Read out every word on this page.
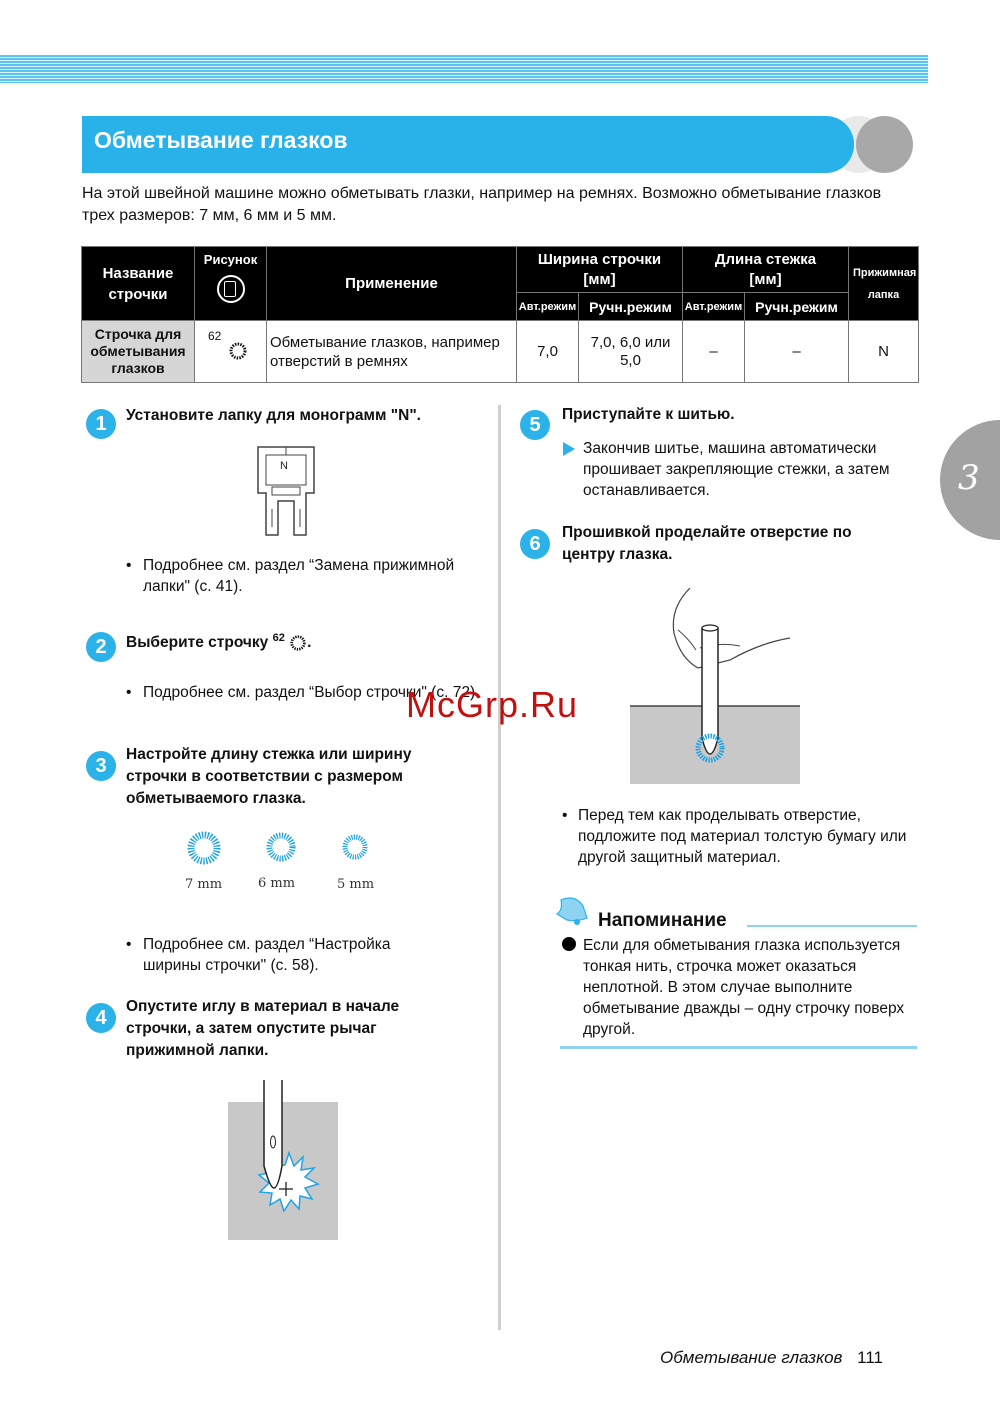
Обметывание глазков
На этой швейной машине можно обметывать глазки, например на ремнях. Возможно обметывание глазков трех размеров: 7 мм, 6 мм и 5 мм.
Название строчки	Рисунок	Применение	Ширина строчки [мм]		Длина стежка [мм]		Прижимная лапка
			Авт.режим	Ручн.режим	Авт.режим	Ручн.режим	
Строчка для обметывания глазков	62	Обметывание глазков, например отверстий в ремнях	7,0	7,0, 6,0 или 5,0	–	–	N
1	Установите лапку для монограмм "N".
N
• Подробнее см. раздел “Замена прижимной лапки" (с. 41).
2	Выберите строчку $^{62}$ .
• Подробнее см. раздел “Выбор строчки" (с. 72).
3
Настройте длину стежка или ширину строчки в соответствии с размером обметываемого глазка.
7 mm	6 mm	5 mm
• Подробнее см. раздел “Настройка ширины строчки" (с. 58).
4
Опустите иглу в материал в начале строчки, а затем опустите рычаг прижимной лапки.
5	Приступайте к шитью.
Закончив шитье, машина автоматически прошивает закрепляющие стежки, а затем останавливается.
6
Прошивкой проделайте отверстие по центру глазка.
• Перед тем как проделывать отверстие, подложите под материал толстую бумагу или другой защитный материал.
Напоминание
Если для обметывания глазка используется тонкая нить, строчка может оказаться неплотной. В этом случае выполните обметывание дважды – одну строчку поверх другой.
3
Обметывание глазков 111
McGrp.Ru
